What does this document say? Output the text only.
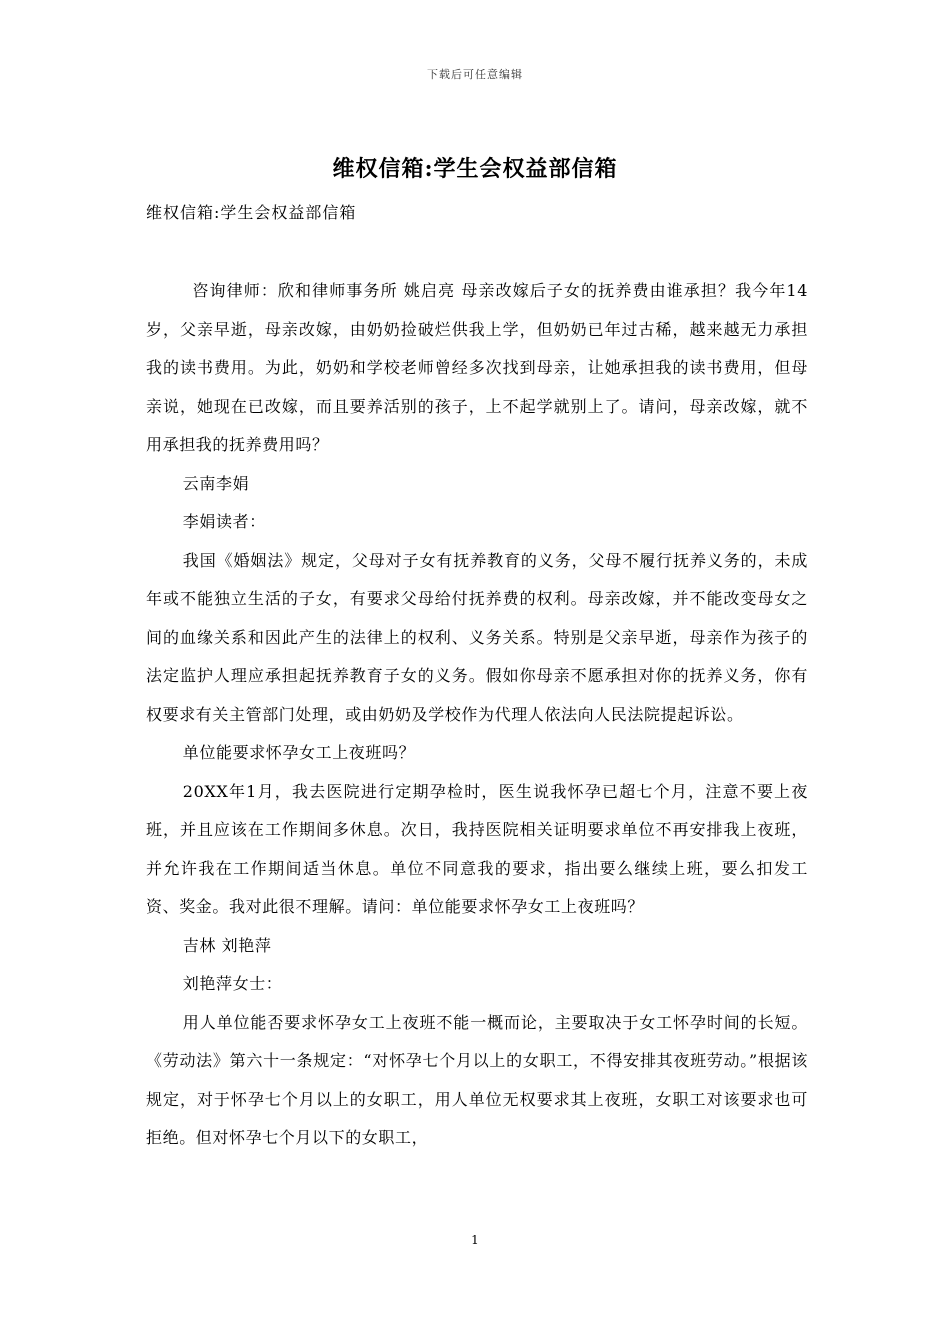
下载后可任意编辑
维权信箱:学生会权益部信箱
维权信箱:学生会权益部信箱

咨询律师：欣和律师事务所 姚启亮 母亲改嫁后子女的抚养费由谁承担？我今年14岁，父亲早逝，母亲改嫁，由奶奶捡破烂供我上学，但奶奶已年过古稀，越来越无力承担我的读书费用。为此，奶奶和学校老师曾经多次找到母亲，让她承担我的读书费用，但母亲说，她现在已改嫁，而且要养活别的孩子，上不起学就别上了。请问，母亲改嫁，就不用承担我的抚养费用吗？

云南李娟

李娟读者：

我国《婚姻法》规定，父母对子女有抚养教育的义务，父母不履行抚养义务的，未成年或不能独立生活的子女，有要求父母给付抚养费的权利。母亲改嫁，并不能改变母女之间的血缘关系和因此产生的法律上的权利、义务关系。特别是父亲早逝，母亲作为孩子的法定监护人理应承担起抚养教育子女的义务。假如你母亲不愿承担对你的抚养义务，你有权要求有关主管部门处理，或由奶奶及学校作为代理人依法向人民法院提起诉讼。

单位能要求怀孕女工上夜班吗？

20XX年1月，我去医院进行定期孕检时，医生说我怀孕已超七个月，注意不要上夜班，并且应该在工作期间多休息。次日，我持医院相关证明要求单位不再安排我上夜班，并允许我在工作期间适当休息。单位不同意我的要求，指出要么继续上班，要么扣发工资、奖金。我对此很不理解。请问：单位能要求怀孕女工上夜班吗？

吉林 刘艳萍

刘艳萍女士：

用人单位能否要求怀孕女工上夜班不能一概而论，主要取决于女工怀孕时间的长短。《劳动法》第六十一条规定：“对怀孕七个月以上的女职工，不得安排其夜班劳动。”根据该规定，对于怀孕七个月以上的女职工，用人单位无权要求其上夜班，女职工对该要求也可拒绝。但对怀孕七个月以下的女职工，

1
